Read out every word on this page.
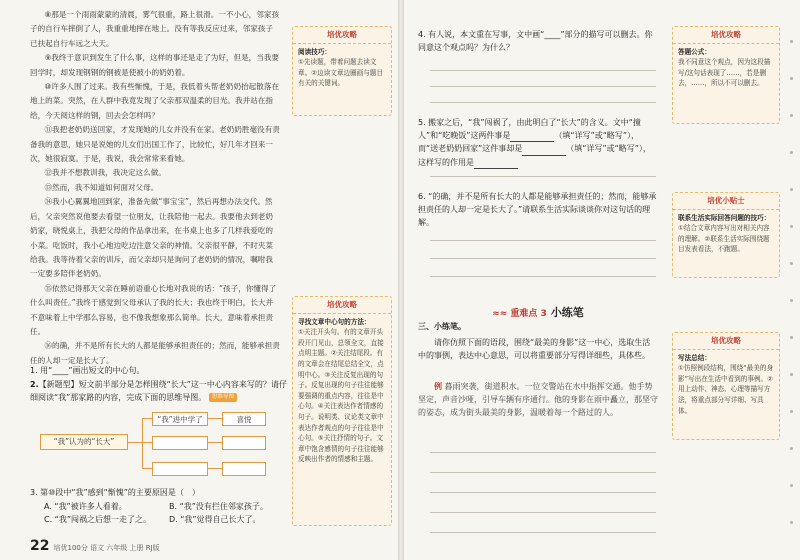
⑧那是一个雨雨蒙蒙的清晨，雾气很重，路上很滑。一不小心，邻家孩子的自行车摔倒了人，我重重地摔在地上。没有等我反应过来，邻家孩子已扶起自行车远之大天。

⑨我终于意识到发生了什么事，这样的事还是走了为好，但是，当我要回学时，却发现钢钢的钢被是使被小的奶奶着。

⑩许多人围了过来。我有些惭愧，于是，我低着头帮老奶奶抬起散落在地上的菜。突然，在人群中我竟发现了父亲那双温柔的目光。我并站在指给，今天阅这样的钢，回去会怎样吗？

⑪我把老奶奶送回家，才发现她的儿女并没有在家。老奶奶胜毫没有责备我的意思，她只是说她的儿女们出国工作了，比较忙，好几年才回来一次，她很寂寞。于是，我说，我会常常来看她。

⑫我并不想教训我，我决定这么做。

⑬然而，我不知道如何面对父母。

⑭我小心翼翼地回到家，准备先做“事宝宝”，然后再想办法交代。然后，父亲突然说他要去看望一位朋友，让我陪他一起去。我要他去到老奶奶家，晓悦桌上，我把父母的作品拿出来，在书桌上也多了几样我爱吃的小菜。吃饭时，我小心地边吃边注意父亲的神情。父亲很平静，不时夹菜给我。我等待着父亲的训斥，而父亲却只是询问了老奶奶的情况，嘱咐我一定要多陪伴老奶奶。

⑮依然记得那天父亲在睡前语重心长地对我说的话：“孩子，你懂得了什么叫责任。”我终于感觉到父母承认了我的长大；我也终于明白，长大并不意味着上中学那么容易，也不像我想象那么简单。长大，意味着承担责任。

⑯的确，并不是所有长大的人都是能够承担责任的；然而，能够承担责任的人却一定是长大了。

1. 用“____”画出短文的中心句。
2.【新题型】短文前半部分是怎样围绕“长大”这一中心内容来写的？请仔细阅读“我”那家路的内容，完成下面的思维导图。 思维导图
“我”认为的“长大”
“我”进中学了	喜悦
3. 第⑩段中“我”感到“惭愧”的主要原因是（　）
A. “我”被许多人看着。	B. “我”没有拦住邻家孩子。
C. “我”闯祸之后想一走了之。	D. “我”觉得自己长大了。
22 培优100分 语文 六年级 上册 RJ版
培优攻略
阅读技巧：
①先读题，带着问题去读文章。②边读文章边圈画与题目有关的关键词。
培优攻略
寻找文章中心句的方法：
①关注开头句。有的文章开头段开门见山，总领全文，直接点明主题。②关注结尾段。有的文章会在结尾总结全文，点明中心。③关注反复出现的句子。反复出现的句子往往能够要强调的重点内容，往往是中心句。④关注表达作者情感的句子。说明类、议论类文章中表达作者观点的句子往往是中心句。⑤关注抒情的句子。文章中饱含感情的句子往往能够反映出作者的情感和主题。
4. 有人说，本文重在写事，文中画“____”部分的描写可以删去。你同意这个观点吗？为什么？
5. 搬家之后，“我”闯祸了，由此明白了“长大”的含义。文中“撞人”和“吃晚饭”这两件事是	（填“详写”或“略写”），而“送老奶奶回家”这件事却是	（填“详写”或“略写”），这样写的作用是
6. “的确，并不是所有长大的人都是能够承担责任的；然而，能够承担责任的人却一定是长大了。”请联系生活实际谈谈你对这句话的理解。
≈≈ 重难点 3 小练笔
三、小练笔。
请你仿照下面的语段，围绕“最美的身影”这一中心，选取生活中的事例，表达中心意思，可以将重要部分写得详细些，具体些。
例 暮雨突袭，街道积水。一位交警站在水中指挥交通。他手势坚定，声音沙哑，引导车辆有序通行。他的身影在雨中矗立，那坚守的姿态，成为街头最美的身影，温暖着每一个路过的人。
培优攻略
答题公式：
我不同意这个观点，因为这段描写/这句话表现了……，若是删去，……，所以不可以删去。
培优小贴士
联系生活实际回答问题的技巧：
①结合文章内容写出对相关内容的理解。②联系生活实际围绕题目发表看法，不跑题。
培优攻略
写法总结：
①仿照例段结构，围绕“最美的身影”写出在生活中看到的事例。②用上动作、神态、心理等描写方法，将重点部分写详细、写具体。
